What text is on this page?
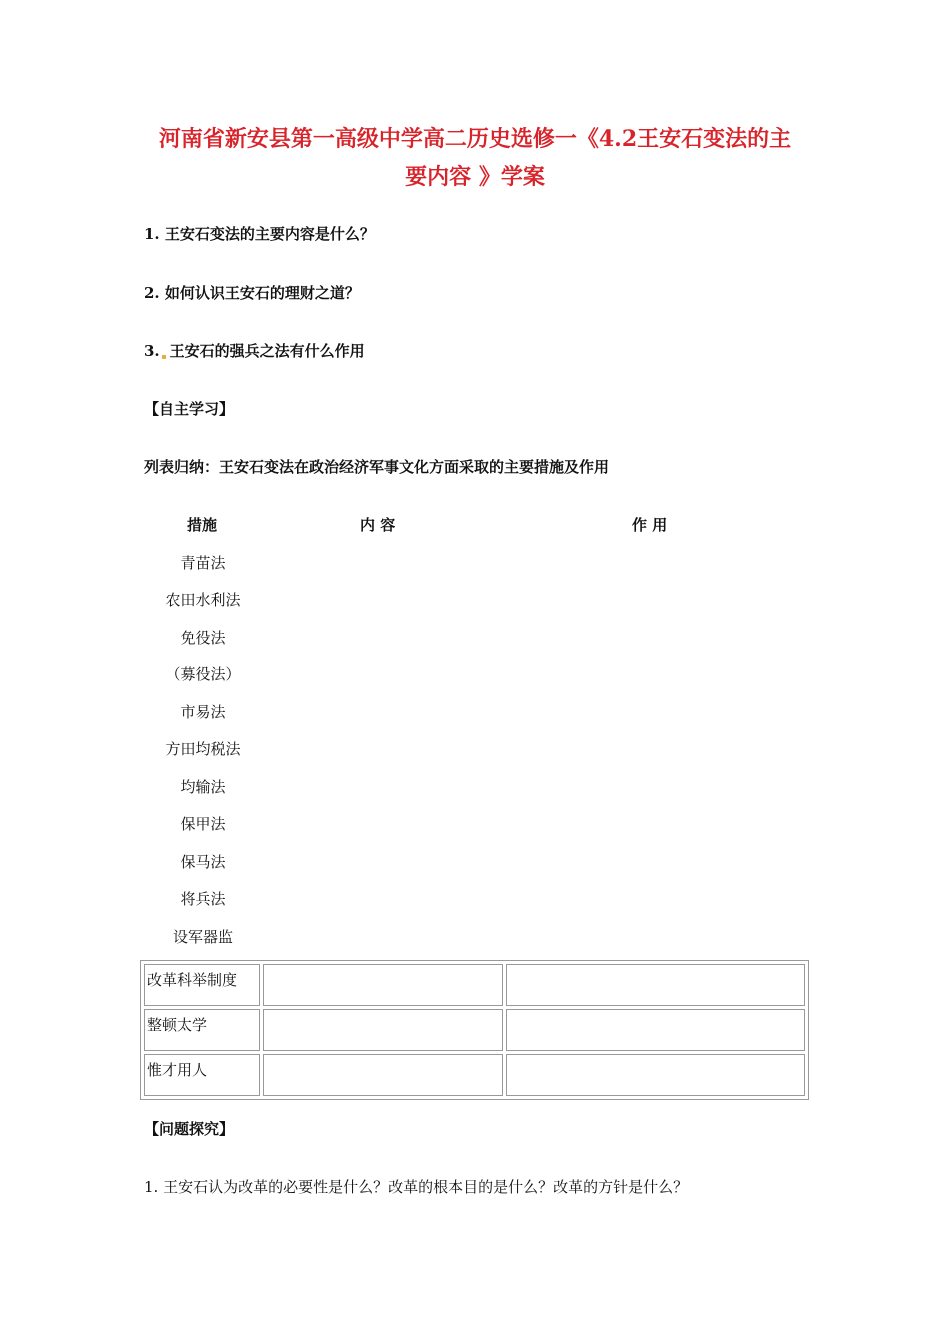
河南省新安县第一高级中学高二历史选修一《4.2王安石变法的主
要内容 》学案
1. 王安石变法的主要内容是什么？
2. 如何认识王安石的理财之道？
3. 王安石的强兵之法有什么作用
【自主学习】
列表归纳：王安石变法在政治经济军事文化方面采取的主要措施及作用
措施	内 容	作 用
青苗法
农田水利法
免役法
（募役法）
市易法
方田均税法
均输法
保甲法
保马法
将兵法
设军器监
改革科举制度		
整顿太学		
惟才用人		
【问题探究】
1. 王安石认为改革的必要性是什么？改革的根本目的是什么？改革的方针是什么？
